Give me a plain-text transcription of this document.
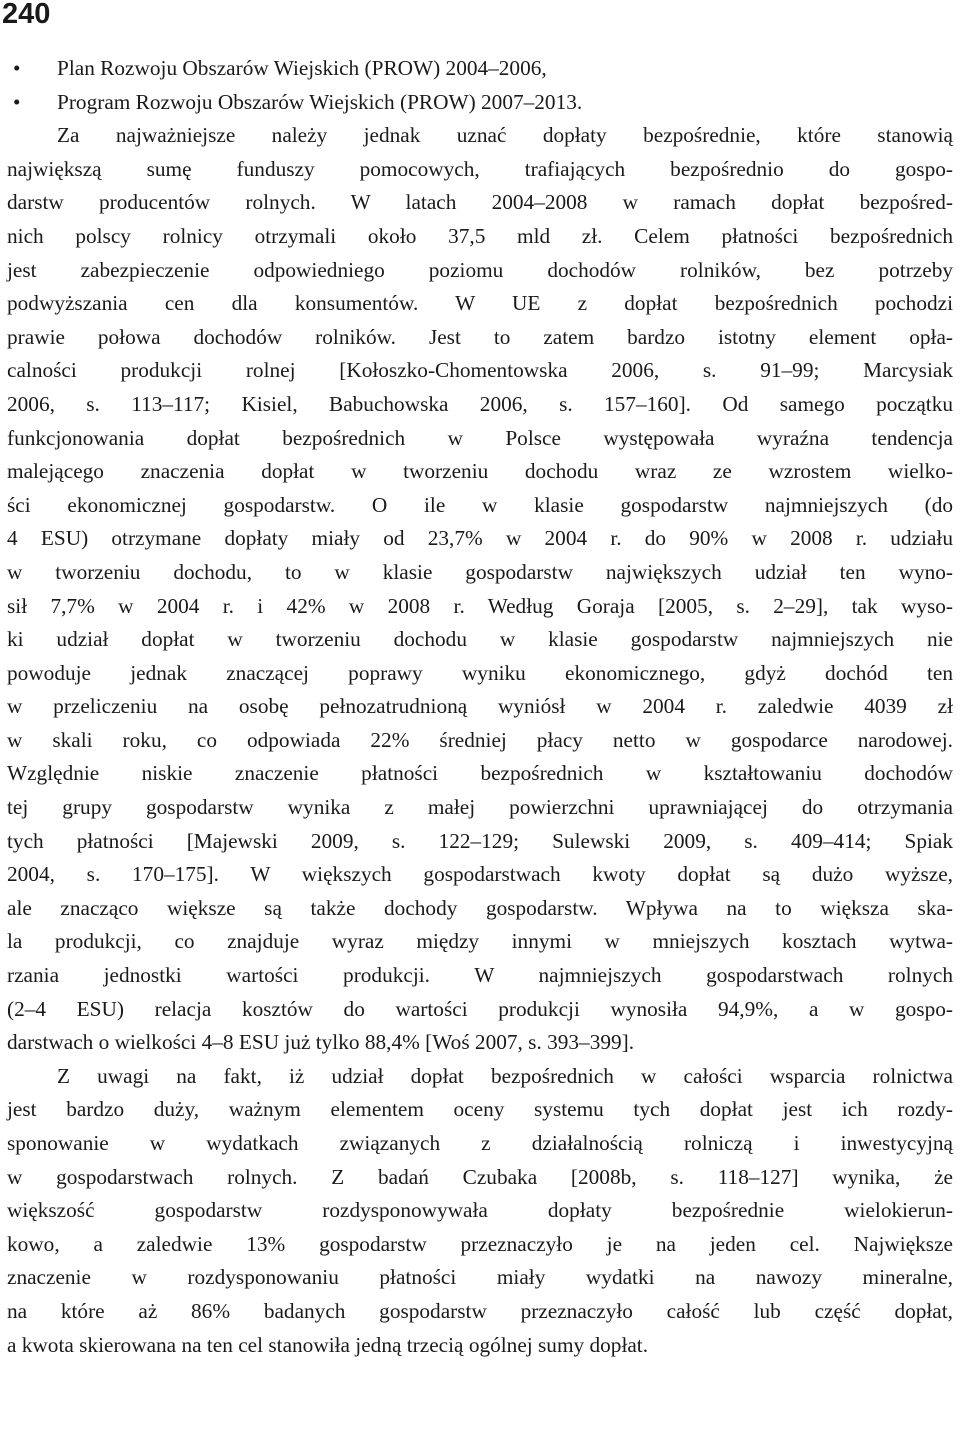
240
• Plan Rozwoju Obszarów Wiejskich (PROW) 2004–2006,
• Program Rozwoju Obszarów Wiejskich (PROW) 2007–2013.

Za najważniejsze należy jednak uznać dopłaty bezpośrednie, które stanowią
największą sumę funduszy pomocowych, trafiających bezpośrednio do gospo-
darstw producentów rolnych. W latach 2004–2008 w ramach dopłat bezpośred-
nich polscy rolnicy otrzymali około 37,5 mld zł. Celem płatności bezpośrednich
jest zabezpieczenie odpowiedniego poziomu dochodów rolników, bez potrzeby
podwyższania cen dla konsumentów. W UE z dopłat bezpośrednich pochodzi
prawie połowa dochodów rolników. Jest to zatem bardzo istotny element opła-
calności produkcji rolnej [Kołoszko-Chomentowska 2006, s. 91–99; Marcysiak
2006, s. 113–117; Kisiel, Babuchowska 2006, s. 157–160]. Od samego początku
funkcjonowania dopłat bezpośrednich w Polsce występowała wyraźna tendencja
malejącego znaczenia dopłat w tworzeniu dochodu wraz ze wzrostem wielko-
ści ekonomicznej gospodarstw. O ile w klasie gospodarstw najmniejszych (do
4 ESU) otrzymane dopłaty miały od 23,7% w 2004 r. do 90% w 2008 r. udziału
w tworzeniu dochodu, to w klasie gospodarstw największych udział ten wyno-
sił 7,7% w 2004 r. i 42% w 2008 r. Według Goraja [2005, s. 2–29], tak wyso-
ki udział dopłat w tworzeniu dochodu w klasie gospodarstw najmniejszych nie
powoduje jednak znaczącej poprawy wyniku ekonomicznego, gdyż dochód ten
w przeliczeniu na osobę pełnozatrudnioną wyniósł w 2004 r. zaledwie 4039 zł
w skali roku, co odpowiada 22% średniej płacy netto w gospodarce narodowej.
Względnie niskie znaczenie płatności bezpośrednich w kształtowaniu dochodów
tej grupy gospodarstw wynika z małej powierzchni uprawniającej do otrzymania
tych płatności [Majewski 2009, s. 122–129; Sulewski 2009, s. 409–414; Spiak
2004, s. 170–175]. W większych gospodarstwach kwoty dopłat są dużo wyższe,
ale znacząco większe są także dochody gospodarstw. Wpływa na to większa ska-
la produkcji, co znajduje wyraz między innymi w mniejszych kosztach wytwa-
rzania jednostki wartości produkcji. W najmniejszych gospodarstwach rolnych
(2–4 ESU) relacja kosztów do wartości produkcji wynosiła 94,9%, a w gospo-
darstwach o wielkości 4–8 ESU już tylko 88,4% [Woś 2007, s. 393–399].

Z uwagi na fakt, iż udział dopłat bezpośrednich w całości wsparcia rolnictwa
jest bardzo duży, ważnym elementem oceny systemu tych dopłat jest ich rozdy-
sponowanie w wydatkach związanych z działalnością rolniczą i inwestycyjną
w gospodarstwach rolnych. Z badań Czubaka [2008b, s. 118–127] wynika, że
większość gospodarstw rozdysponowywała dopłaty bezpośrednie wielokierun-
kowo, a zaledwie 13% gospodarstw przeznaczyło je na jeden cel. Największe
znaczenie w rozdysponowaniu płatności miały wydatki na nawozy mineralne,
na które aż 86% badanych gospodarstw przeznaczyło całość lub część dopłat,
a kwota skierowana na ten cel stanowiła jedną trzecią ogólnej sumy dopłat.
